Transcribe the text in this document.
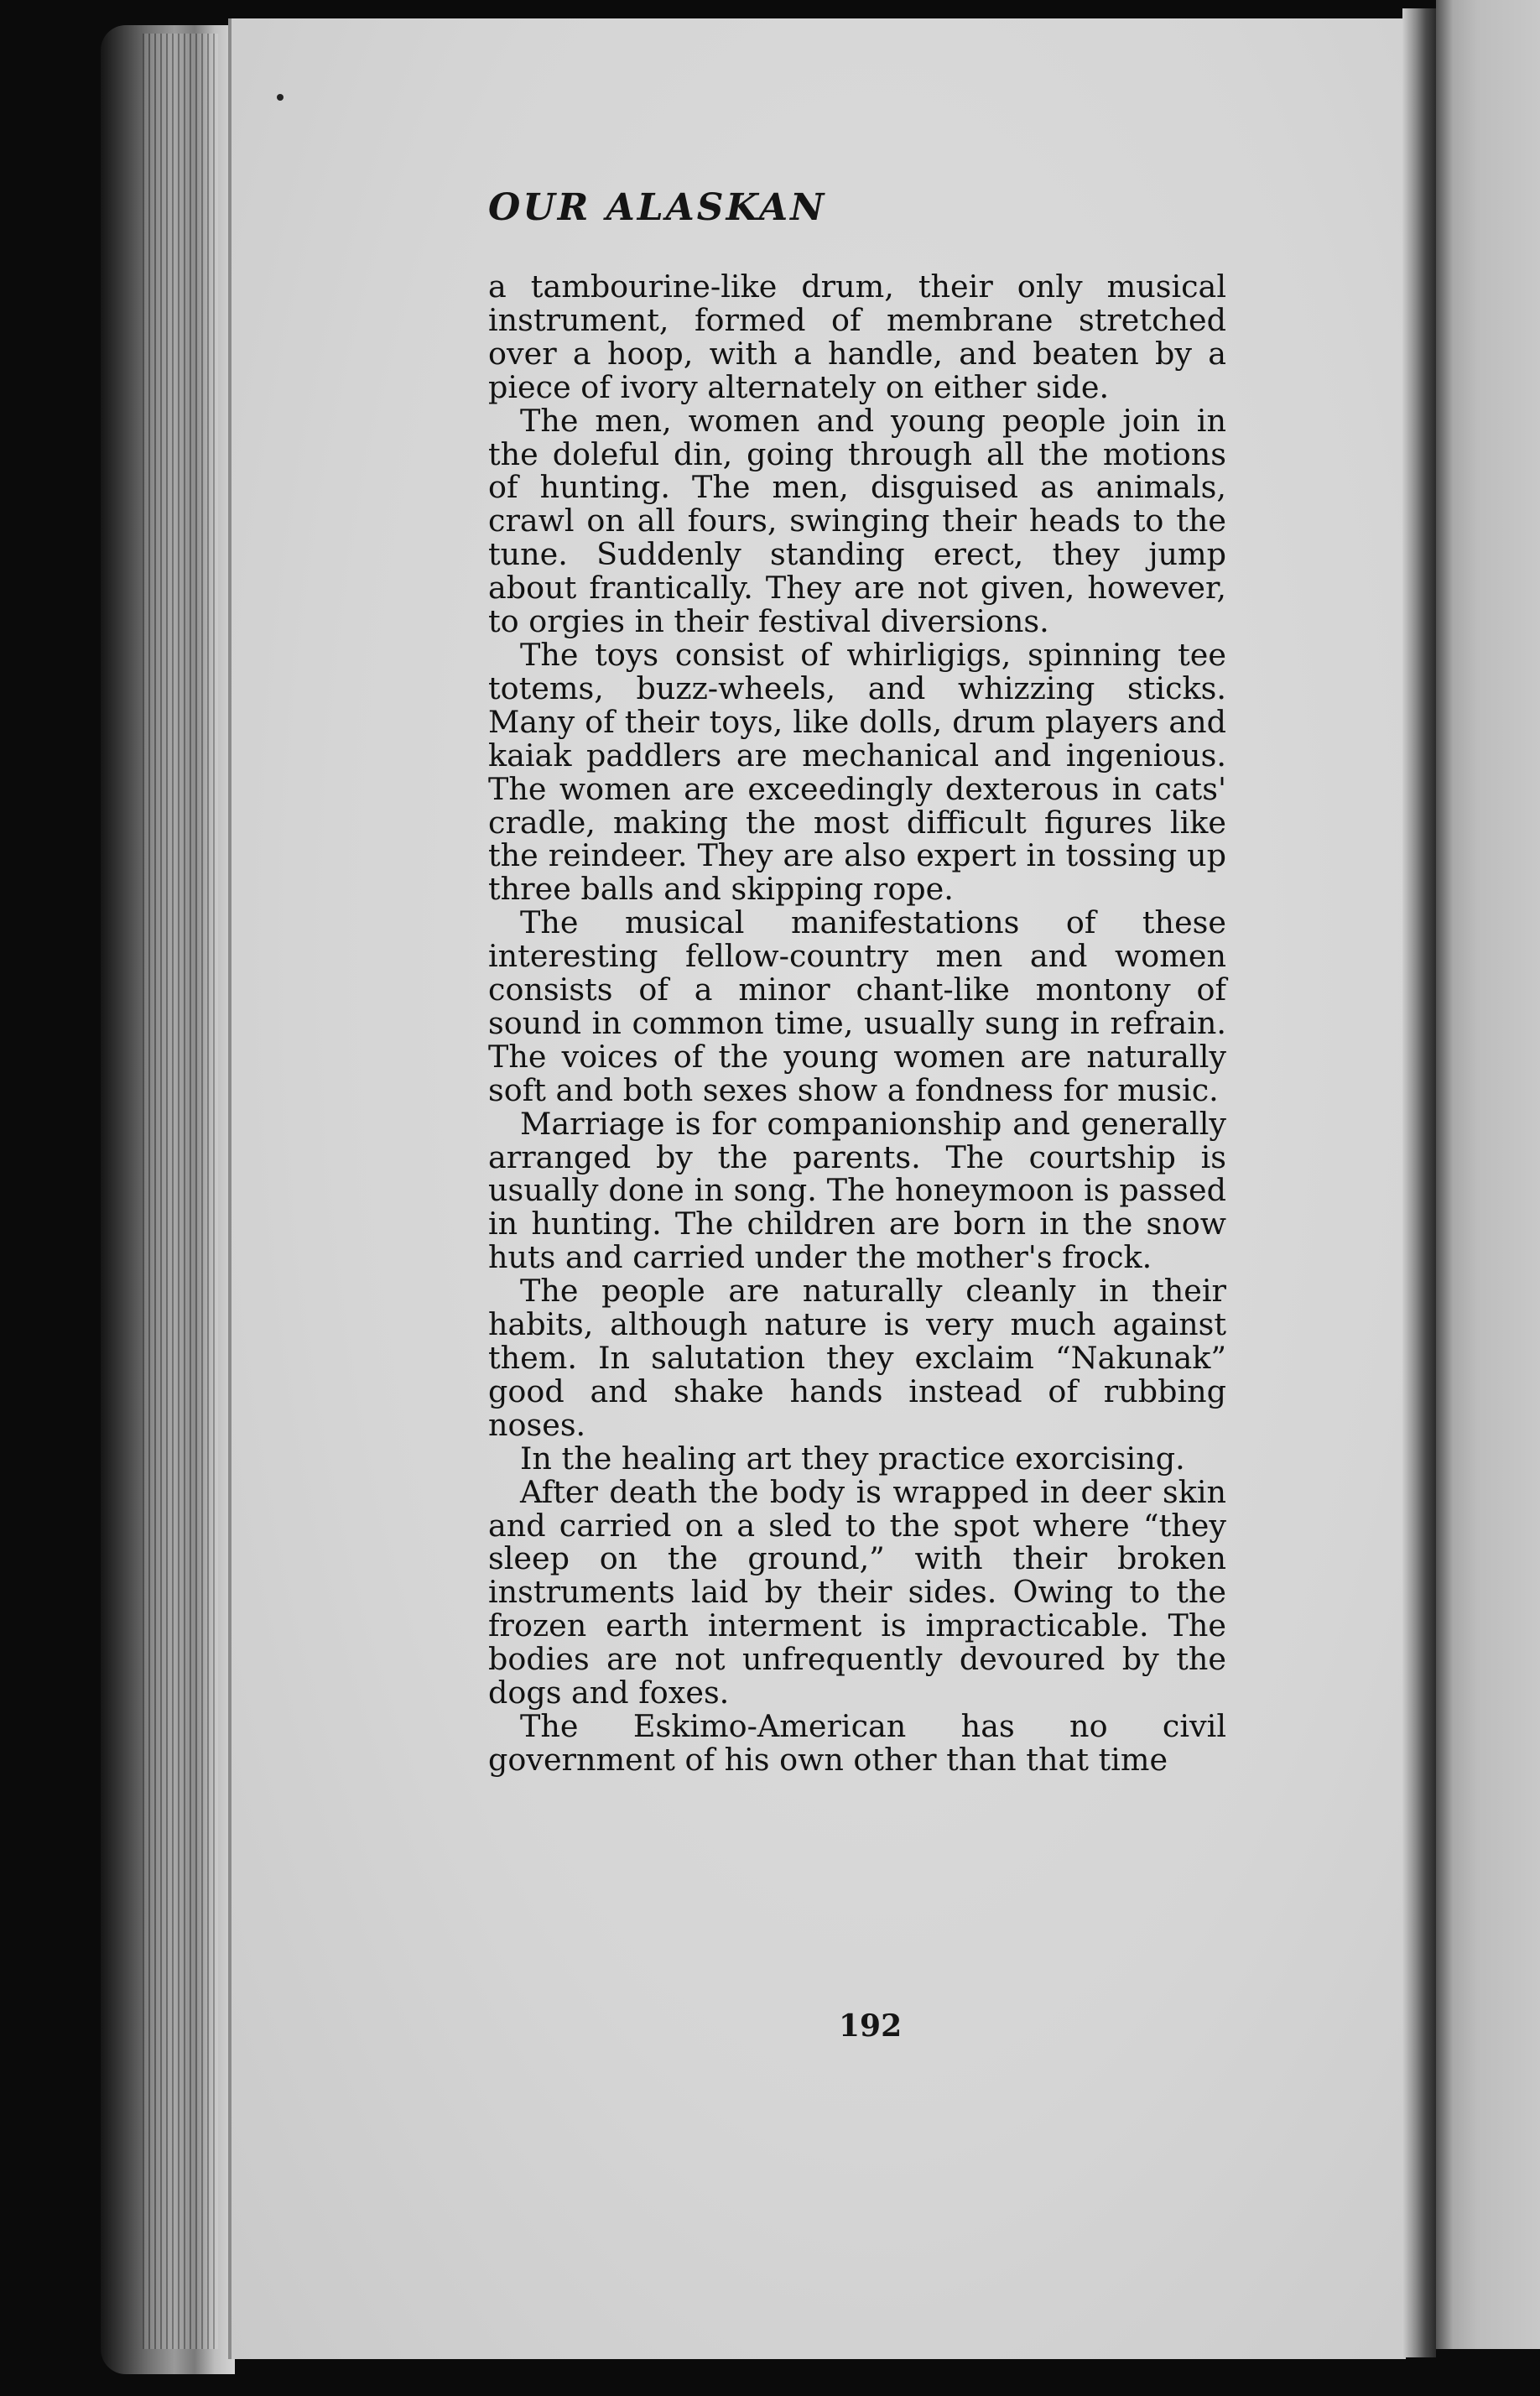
OUR ALASKAN

a tambourine-like drum, their only musical instrument, formed of membrane stretched over a hoop, with a handle, and beaten by a piece of ivory alternately on either side.

The men, women and young people join in the doleful din, going through all the motions of hunting. The men, disguised as animals, crawl on all fours, swinging their heads to the tune. Suddenly standing erect, they jump about frantically. They are not given, however, to orgies in their festival diversions.

The toys consist of whirligigs, spinning tee totems, buzz-wheels, and whizzing sticks. Many of their toys, like dolls, drum players and kaiak paddlers are mechanical and ingenious. The women are exceedingly dexterous in cats' cradle, making the most difficult figures like the reindeer. They are also expert in tossing up three balls and skipping rope.

The musical manifestations of these interesting fellow-country men and women consists of a minor chant-like montony of sound in common time, usually sung in refrain. The voices of the young women are naturally soft and both sexes show a fondness for music.

Marriage is for companionship and generally arranged by the parents. The courtship is usually done in song. The honeymoon is passed in hunting. The children are born in the snow huts and carried under the mother's frock.

The people are naturally cleanly in their habits, although nature is very much against them. In salutation they exclaim “Nakunak” good and shake hands instead of rubbing noses.

In the healing art they practice exorcising.

After death the body is wrapped in deer skin and carried on a sled to the spot where “they sleep on the ground,” with their broken instruments laid by their sides. Owing to the frozen earth interment is impracticable. The bodies are not unfrequently devoured by the dogs and foxes.

The Eskimo-American has no civil government of his own other than that time

192
